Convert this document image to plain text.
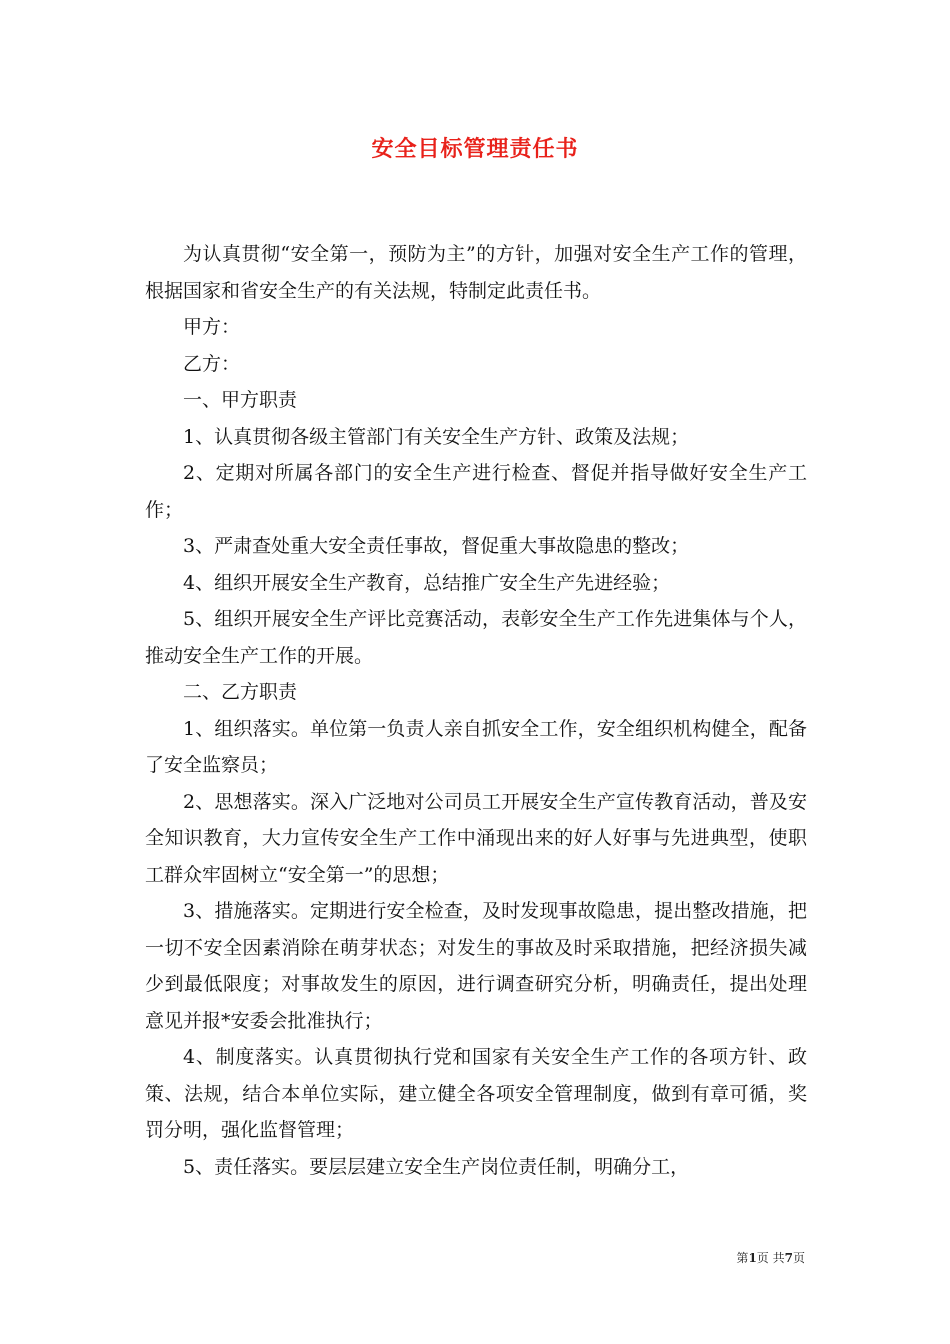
安全目标管理责任书

为认真贯彻“安全第一，预防为主”的方针，加强对安全生产工作的管理，根据国家和省安全生产的有关法规，特制定此责任书。

甲方：

乙方：

一、甲方职责

1、认真贯彻各级主管部门有关安全生产方针、政策及法规；

2、定期对所属各部门的安全生产进行检查、督促并指导做好安全生产工作；

3、严肃查处重大安全责任事故，督促重大事故隐患的整改；

4、组织开展安全生产教育，总结推广安全生产先进经验；

5、组织开展安全生产评比竞赛活动，表彰安全生产工作先进集体与个人，推动安全生产工作的开展。

二、乙方职责

1、组织落实。单位第一负责人亲自抓安全工作，安全组织机构健全，配备了安全监察员；

2、思想落实。深入广泛地对公司员工开展安全生产宣传教育活动，普及安全知识教育，大力宣传安全生产工作中涌现出来的好人好事与先进典型，使职工群众牢固树立“安全第一”的思想；

3、措施落实。定期进行安全检查，及时发现事故隐患，提出整改措施，把一切不安全因素消除在萌芽状态；对发生的事故及时采取措施，把经济损失减少到最低限度；对事故发生的原因，进行调查研究分析，明确责任，提出处理意见并报*安委会批准执行；

4、制度落实。认真贯彻执行党和国家有关安全生产工作的各项方针、政策、法规，结合本单位实际，建立健全各项安全管理制度，做到有章可循，奖罚分明，强化监督管理；

5、责任落实。要层层建立安全生产岗位责任制，明确分工，

第1页 共7页
